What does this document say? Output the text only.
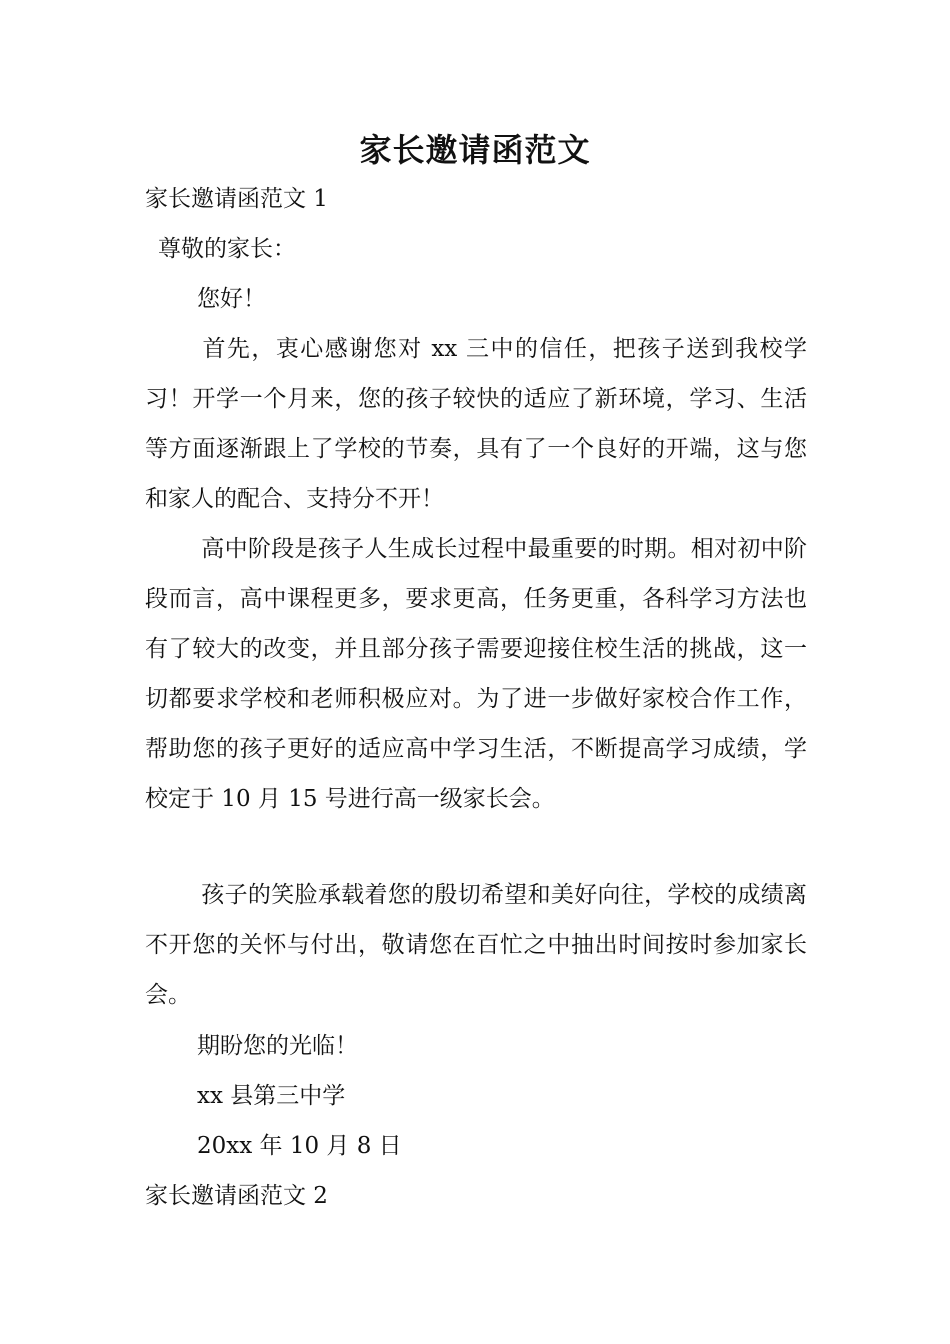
家长邀请函范文

家长邀请函范文 1

尊敬的家长：

您好！

首先，衷心感谢您对 xx 三中的信任，把孩子送到我校学习！开学一个月来，您的孩子较快的适应了新环境，学习、生活等方面逐渐跟上了学校的节奏，具有了一个良好的开端，这与您和家人的配合、支持分不开！

高中阶段是孩子人生成长过程中最重要的时期。相对初中阶段而言，高中课程更多，要求更高，任务更重，各科学习方法也有了较大的改变，并且部分孩子需要迎接住校生活的挑战，这一切都要求学校和老师积极应对。为了进一步做好家校合作工作，帮助您的孩子更好的适应高中学习生活，不断提高学习成绩，学校定于 10 月 15 号进行高一级家长会。

孩子的笑脸承载着您的殷切希望和美好向往，学校的成绩离不开您的关怀与付出，敬请您在百忙之中抽出时间按时参加家长会。

期盼您的光临！

xx 县第三中学

20xx 年 10 月 8 日

家长邀请函范文 2
